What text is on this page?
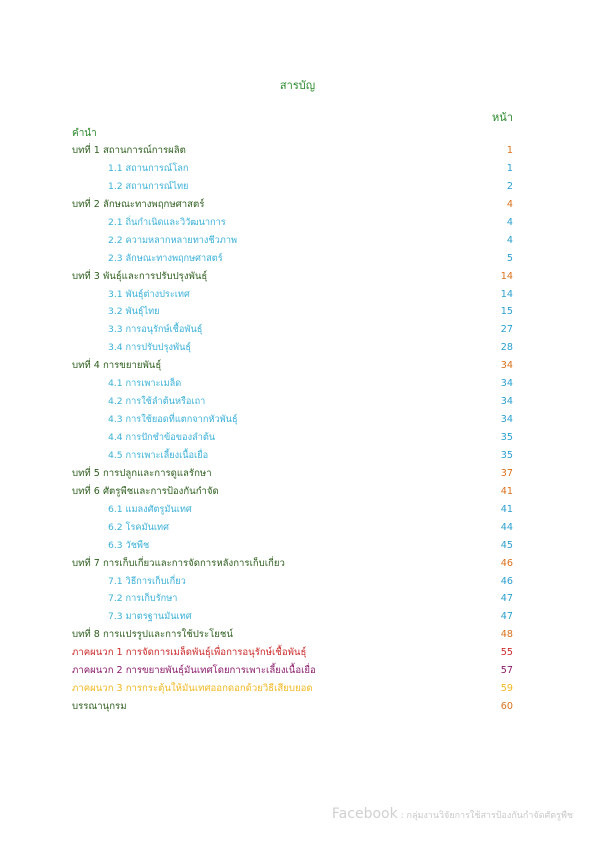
สารบัญ
หน้า
คำนำ
บทที่ 1 สถานการณ์การผลิต	1
1.1 สถานการณ์โลก	1
1.2 สถานการณ์ไทย	2
บทที่ 2 ลักษณะทางพฤกษศาสตร์	4
2.1 ถิ่นกำเนิดและวิวัฒนาการ	4
2.2 ความหลากหลายทางชีวภาพ	4
2.3 ลักษณะทางพฤกษศาสตร์	5
บทที่ 3 พันธุ์และการปรับปรุงพันธุ์	14
3.1 พันธุ์ต่างประเทศ	14
3.2 พันธุ์ไทย	15
3.3 การอนุรักษ์เชื้อพันธุ์	27
3.4 การปรับปรุงพันธุ์	28
บทที่ 4 การขยายพันธุ์	34
4.1 การเพาะเมล็ด	34
4.2 การใช้ลำต้นหรือเถา	34
4.3 การใช้ยอดที่แตกจากหัวพันธุ์	34
4.4 การปักชำข้อของลำต้น	35
4.5 การเพาะเลี้ยงเนื้อเยื่อ	35
บทที่ 5 การปลูกและการดูแลรักษา	37
บทที่ 6 ศัตรูพืชและการป้องกันกำจัด	41
6.1 แมลงศัตรูมันเทศ	41
6.2 โรคมันเทศ	44
6.3 วัชพืช	45
บทที่ 7 การเก็บเกี่ยวและการจัดการหลังการเก็บเกี่ยว	46
7.1 วิธีการเก็บเกี่ยว	46
7.2 การเก็บรักษา	47
7.3 มาตรฐานมันเทศ	47
บทที่ 8 การแปรรูปและการใช้ประโยชน์	48
ภาคผนวก 1 การจัดการเมล็ดพันธุ์เพื่อการอนุรักษ์เชื้อพันธุ์	55
ภาคผนวก 2 การขยายพันธุ์มันเทศโดยการเพาะเลี้ยงเนื้อเยื่อ	57
ภาคผนวก 3 การกระตุ้นให้มันเทศออกดอกด้วยวิธีเสียบยอด	59
บรรณานุกรม	60
Facebook : กลุ่มงานวิจัยการใช้สารป้องกันกำจัดศัตรูพืช
